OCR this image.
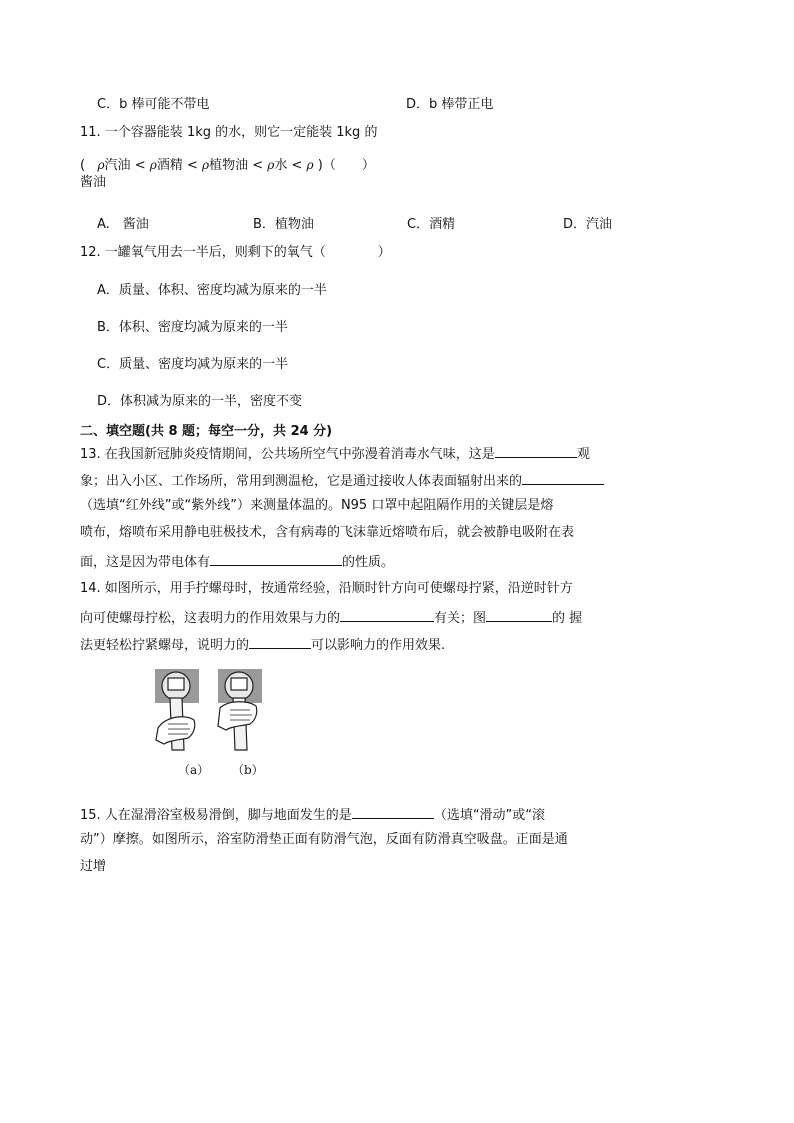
C．b 棒可能不带电	D．b 棒带正电
11. 一个容器能装 1kg 的水，则它一定能装 1kg 的
( ρ汽油 < ρ酒精 < ρ植物油 < ρ水 < ρ )（　　）
酱油
A.　酱油	B．植物油	C．酒精	D．汽油
12. 一罐氧气用去一半后，则剩下的氧气（　　　　）
A．质量、体积、密度均减为原来的一半
B．体积、密度均减为原来的一半
C．质量、密度均减为原来的一半
D．体积减为原来的一半，密度不变
二、填空题(共 8 题；每空一分，共 24 分)
13. 在我国新冠肺炎疫情期间，公共场所空气中弥漫着消毒水气味，这是	观
象；出入小区、工作场所，常用到测温枪，它是通过接收人体表面辐射出来的
（选填“红外线”或“紫外线”）来测量体温的。N95 口罩中起阻隔作用的关键层是熔
喷布，熔喷布采用静电驻极技术，含有病毒的飞沫靠近熔喷布后，就会被静电吸附在表
面，这是因为带电体有	的性质。
14. 如图所示，用手拧螺母时，按通常经验，沿顺时针方向可使螺母拧紧，沿逆时针方
向可使螺母拧松，这表明力的作用效果与力的	有关；图	的 握
法更轻松拧紧螺母，说明力的	可以影响力的作用效果.
（a） （b）
15. 人在湿滑浴室极易滑倒，脚与地面发生的是	（选填“滑动”或“滚
动”）摩擦。如图所示，浴室防滑垫正面有防滑气泡，反面有防滑真空吸盘。正面是通
过增
